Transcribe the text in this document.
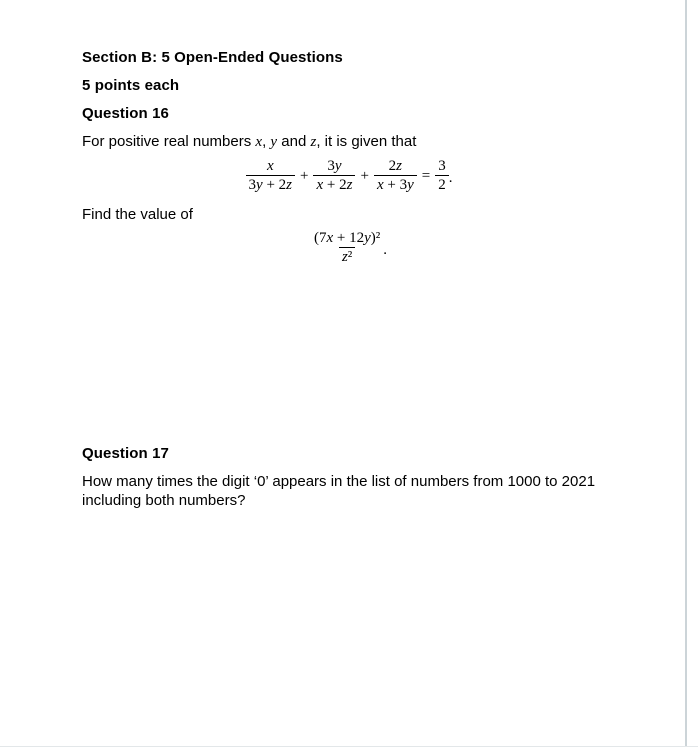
Section B: 5 Open-Ended Questions
5 points each
Question 16

For positive real numbers x, y and z, it is given that

$\frac{x}{3y + 2z} + \frac{3y}{x + 2z} + \frac{2z}{x + 3y} = \frac{3}{2}$ .

Find the value of

$\frac{\text{(7x + 12y)²}}{\text{z²}}$ .
Question 17

How many times the digit ‘0’ appears in the list of numbers from 1000 to 2021 including both numbers?
